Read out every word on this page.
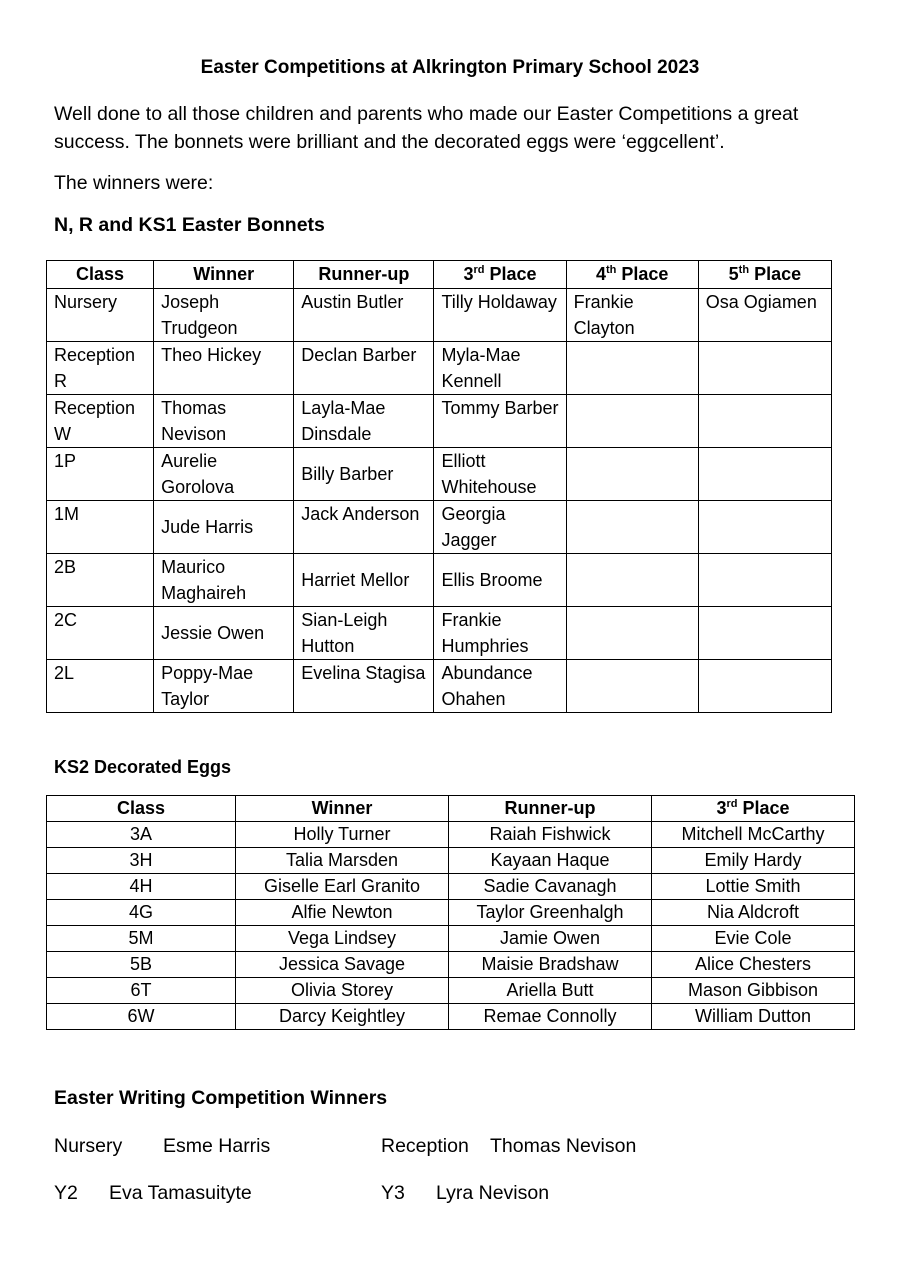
Easter Competitions at Alkrington Primary School 2023
Well done to all those children and parents who made our Easter Competitions a great success. The bonnets were brilliant and the decorated eggs were ‘eggcellent’.
The winners were:
N, R and KS1 Easter Bonnets
Class	Winner	Runner-up	3rd Place	4th Place	5th Place
Nursery	Joseph Trudgeon	Austin Butler	Tilly Holdaway	Frankie Clayton	Osa Ogiamen
Reception R	Theo Hickey	Declan Barber	Myla-Mae Kennell		
Reception W	Thomas Nevison	Layla-Mae Dinsdale	Tommy Barber		
1P	Aurelie Gorolova	Billy Barber	Elliott Whitehouse		
1M	Jude Harris	Jack Anderson	Georgia Jagger		
2B	Maurico Maghaireh	Harriet Mellor	Ellis Broome		
2C	Jessie Owen	Sian-Leigh Hutton	Frankie Humphries		
2L	Poppy-Mae Taylor	Evelina Stagisa	Abundance Ohahen		
KS2 Decorated Eggs
Class	Winner	Runner-up	3rd Place
3A	Holly Turner	Raiah Fishwick	Mitchell McCarthy
3H	Talia Marsden	Kayaan Haque	Emily Hardy
4H	Giselle Earl Granito	Sadie Cavanagh	Lottie Smith
4G	Alfie Newton	Taylor Greenhalgh	Nia Aldcroft
5M	Vega Lindsey	Jamie Owen	Evie Cole
5B	Jessica Savage	Maisie Bradshaw	Alice Chesters
6T	Olivia Storey	Ariella Butt	Mason Gibbison
6W	Darcy Keightley	Remae Connolly	William Dutton
Easter Writing Competition Winners
Nursery Esme Harris	Reception Thomas Nevison
Y2 Eva Tamasuityte	Y3 Lyra Nevison
